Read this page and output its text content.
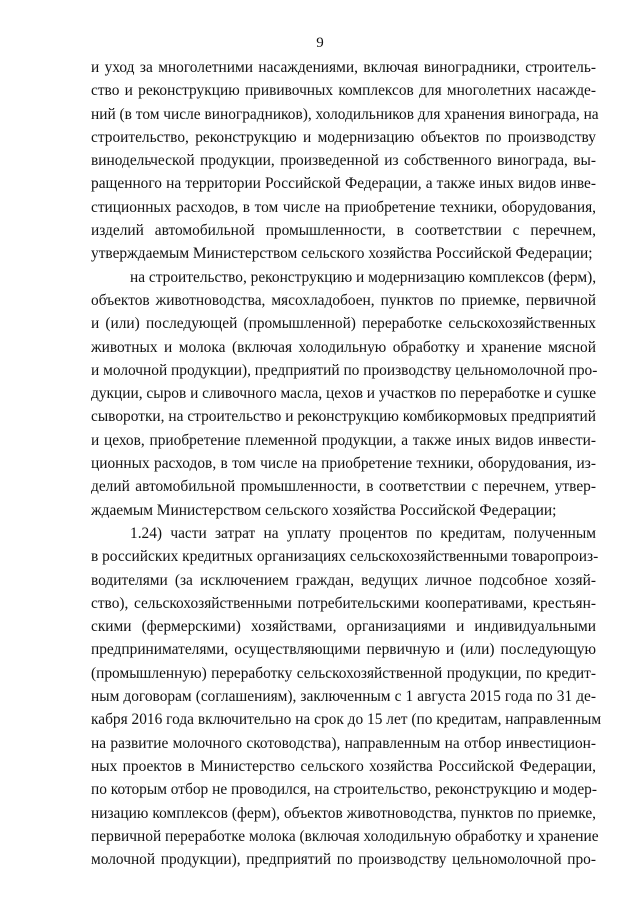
9
и уход за многолетними насаждениями, включая виноградники, строитель-
ство и реконструкцию прививочных комплексов для многолетних насажде-
ний (в том числе виноградников), холодильников для хранения винограда, на
строительство, реконструкцию и модернизацию объектов по производству
винодельческой продукции, произведенной из собственного винограда, вы-
ращенного на территории Российской Федерации, а также иных видов инве-
стиционных расходов, в том числе на приобретение техники, оборудования,
изделий автомобильной промышленности, в соответствии с перечнем,
утверждаемым Министерством сельского хозяйства Российской Федерации;
на строительство, реконструкцию и модернизацию комплексов (ферм),
объектов животноводства, мясохладобоен, пунктов по приемке, первичной
и (или) последующей (промышленной) переработке сельскохозяйственных
животных и молока (включая холодильную обработку и хранение мясной
и молочной продукции), предприятий по производству цельномолочной про-
дукции, сыров и сливочного масла, цехов и участков по переработке и сушке
сыворотки, на строительство и реконструкцию комбикормовых предприятий
и цехов, приобретение племенной продукции, а также иных видов инвести-
ционных расходов, в том числе на приобретение техники, оборудования, из-
делий автомобильной промышленности, в соответствии с перечнем, утвер-
ждаемым Министерством сельского хозяйства Российской Федерации;
1.24) части затрат на уплату процентов по кредитам, полученным
в российских кредитных организациях сельскохозяйственными товаропроиз-
водителями (за исключением граждан, ведущих личное подсобное хозяй-
ство), сельскохозяйственными потребительскими кооперативами, крестьян-
скими (фермерскими) хозяйствами, организациями и индивидуальными
предпринимателями, осуществляющими первичную и (или) последующую
(промышленную) переработку сельскохозяйственной продукции, по кредит-
ным договорам (соглашениям), заключенным с 1 августа 2015 года по 31 де-
кабря 2016 года включительно на срок до 15 лет (по кредитам, направленным
на развитие молочного скотоводства), направленным на отбор инвестицион-
ных проектов в Министерство сельского хозяйства Российской Федерации,
по которым отбор не проводился, на строительство, реконструкцию и модер-
низацию комплексов (ферм), объектов животноводства, пунктов по приемке,
первичной переработке молока (включая холодильную обработку и хранение
молочной продукции), предприятий по производству цельномолочной про-
